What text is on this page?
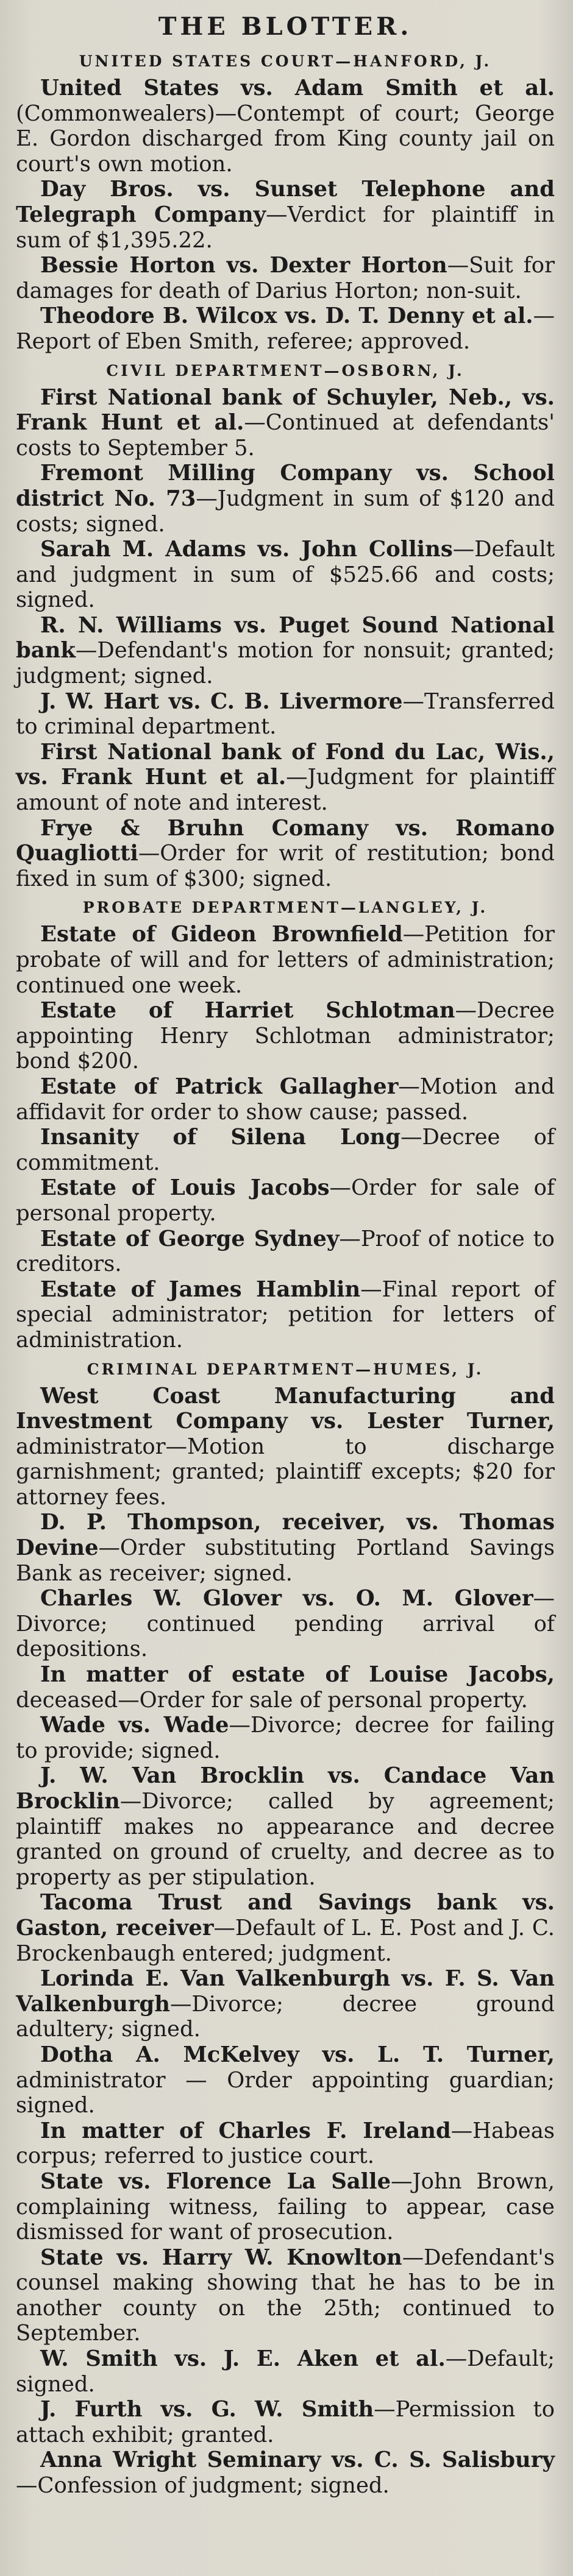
THE BLOTTER.
UNITED STATES COURT—HANFORD, J.

United States vs. Adam Smith et al.(Commonwealers)—Contempt of court; George E. Gordon discharged from King county jail on court's own motion.

Day Bros. vs. Sunset Telephone and Telegraph Company—Verdict for plaintiff in sum of $1,395.22.

Bessie Horton vs. Dexter Horton—Suit for damages for death of Darius Horton; non-suit.

Theodore B. Wilcox vs. D. T. Denny et al.—Report of Eben Smith, referee; approved.

CIVIL DEPARTMENT—OSBORN, J.

First National bank of Schuyler, Neb., vs. Frank Hunt et al.—Continued at defendants' costs to September 5.

Fremont Milling Company vs. School district No. 73—Judgment in sum of $120 and costs; signed.

Sarah M. Adams vs. John Collins—Default and judgment in sum of $525.66 and costs; signed.

R. N. Williams vs. Puget Sound National bank—Defendant's motion for nonsuit; granted; judgment; signed.

J. W. Hart vs. C. B. Livermore—Transferred to criminal department.

First National bank of Fond du Lac, Wis., vs. Frank Hunt et al.—Judgment for plaintiff amount of note and interest.

Frye & Bruhn Comany vs. Romano Quagliotti—Order for writ of restitution; bond fixed in sum of $300; signed.

PROBATE DEPARTMENT—LANGLEY, J.

Estate of Gideon Brownfield—Petition for probate of will and for letters of administration; continued one week.

Estate of Harriet Schlotman—Decree appointing Henry Schlotman administrator; bond $200.

Estate of Patrick Gallagher—Motion and affidavit for order to show cause; passed.

Insanity of Silena Long—Decree of commitment.

Estate of Louis Jacobs—Order for sale of personal property.

Estate of George Sydney—Proof of notice to creditors.

Estate of James Hamblin—Final report of special administrator; petition for letters of administration.

CRIMINAL DEPARTMENT—HUMES, J.

West Coast Manufacturing and Investment Company vs. Lester Turner, administrator—Motion to discharge garnishment; granted; plaintiff excepts; $20 for attorney fees.

D. P. Thompson, receiver, vs. Thomas Devine—Order substituting Portland Savings Bank as receiver; signed.

Charles W. Glover vs. O. M. Glover—Divorce; continued pending arrival of depositions.

In matter of estate of Louise Jacobs, deceased—Order for sale of personal property.

Wade vs. Wade—Divorce; decree for failing to provide; signed.

J. W. Van Brocklin vs. Candace Van Brocklin—Divorce; called by agreement; plaintiff makes no appearance and decree granted on ground of cruelty, and decree as to property as per stipulation.

Tacoma Trust and Savings bank vs. Gaston, receiver—Default of L. E. Post and J. C. Brockenbaugh entered; judgment.

Lorinda E. Van Valkenburgh vs. F. S. Van Valkenburgh—Divorce; decree ground adultery; signed.

Dotha A. McKelvey vs. L. T. Turner, administrator — Order appointing guardian; signed.

In matter of Charles F. Ireland—Habeas corpus; referred to justice court.

State vs. Florence La Salle—John Brown, complaining witness, failing to appear, case dismissed for want of prosecution.

State vs. Harry W. Knowlton—Defendant's counsel making showing that he has to be in another county on the 25th; continued to September.

W. Smith vs. J. E. Aken et al.—Default; signed.

J. Furth vs. G. W. Smith—Permission to attach exhibit; granted.

Anna Wright Seminary vs. C. S. Salisbury—Confession of judgment; signed.
